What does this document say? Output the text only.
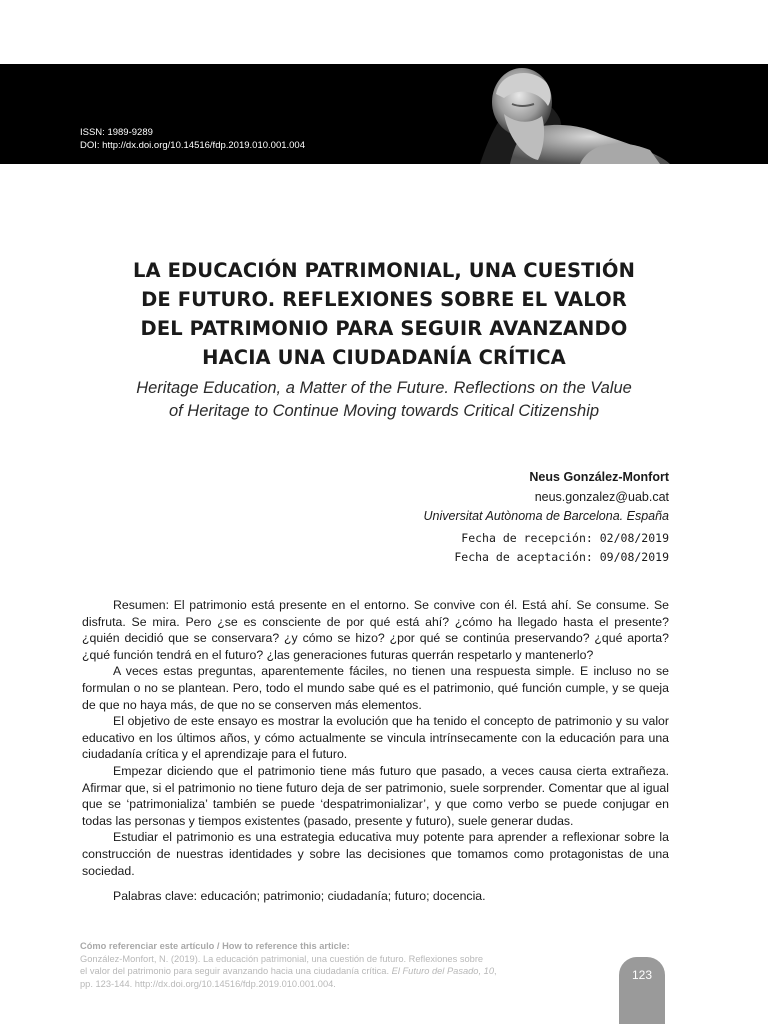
ISSN: 1989-9289
DOI: http://dx.doi.org/10.14516/fdp.2019.010.001.004
LA EDUCACIÓN PATRIMONIAL, UNA CUESTIÓN
DE FUTURO. REFLEXIONES SOBRE EL VALOR
DEL PATRIMONIO PARA SEGUIR AVANZANDO
HACIA UNA CIUDADANÍA CRÍTICA
Heritage Education, a Matter of the Future. Reflections on the Value
of Heritage to Continue Moving towards Critical Citizenship
Neus González-Monfort
neus.gonzalez@uab.cat
Universitat Autònoma de Barcelona. España
Fecha de recepción: 02/08/2019
Fecha de aceptación: 09/08/2019

Resumen: El patrimonio está presente en el entorno. Se convive con él. Está ahí. Se consume. Se disfruta. Se mira. Pero ¿se es consciente de por qué está ahí? ¿cómo ha llegado hasta el presente? ¿quién decidió que se conservara? ¿y cómo se hizo? ¿por qué se continúa preservando? ¿qué aporta? ¿qué función tendrá en el futuro? ¿las generaciones futuras querrán respetarlo y mantenerlo?

A veces estas preguntas, aparentemente fáciles, no tienen una respuesta simple. E incluso no se formulan o no se plantean. Pero, todo el mundo sabe qué es el patrimonio, qué función cumple, y se queja de que no haya más, de que no se conserven más elementos.

El objetivo de este ensayo es mostrar la evolución que ha tenido el concepto de patrimonio y su valor educativo en los últimos años, y cómo actualmente se vincula intrínsecamente con la educación para una ciudadanía crítica y el aprendizaje para el futuro.

Empezar diciendo que el patrimonio tiene más futuro que pasado, a veces causa cierta extrañeza. Afirmar que, si el patrimonio no tiene futuro deja de ser patrimonio, suele sorprender. Comentar que al igual que se ‘patrimonializa’ también se puede ‘despatrimonializar’, y que como verbo se puede conjugar en todas las personas y tiempos existentes (pasado, presente y futuro), suele generar dudas.

Estudiar el patrimonio es una estrategia educativa muy potente para aprender a reflexionar sobre la construcción de nuestras identidades y sobre las decisiones que tomamos como protagonistas de una sociedad.

Palabras clave: educación; patrimonio; ciudadanía; futuro; docencia.

Cómo referenciar este artículo / How to reference this article:
González-Monfort, N. (2019). La educación patrimonial, una cuestión de futuro. Reflexiones sobre
el valor del patrimonio para seguir avanzando hacia una ciudadanía crítica. El Futuro del Pasado, 10,
pp. 123-144. http://dx.doi.org/10.14516/fdp.2019.010.001.004.
123
